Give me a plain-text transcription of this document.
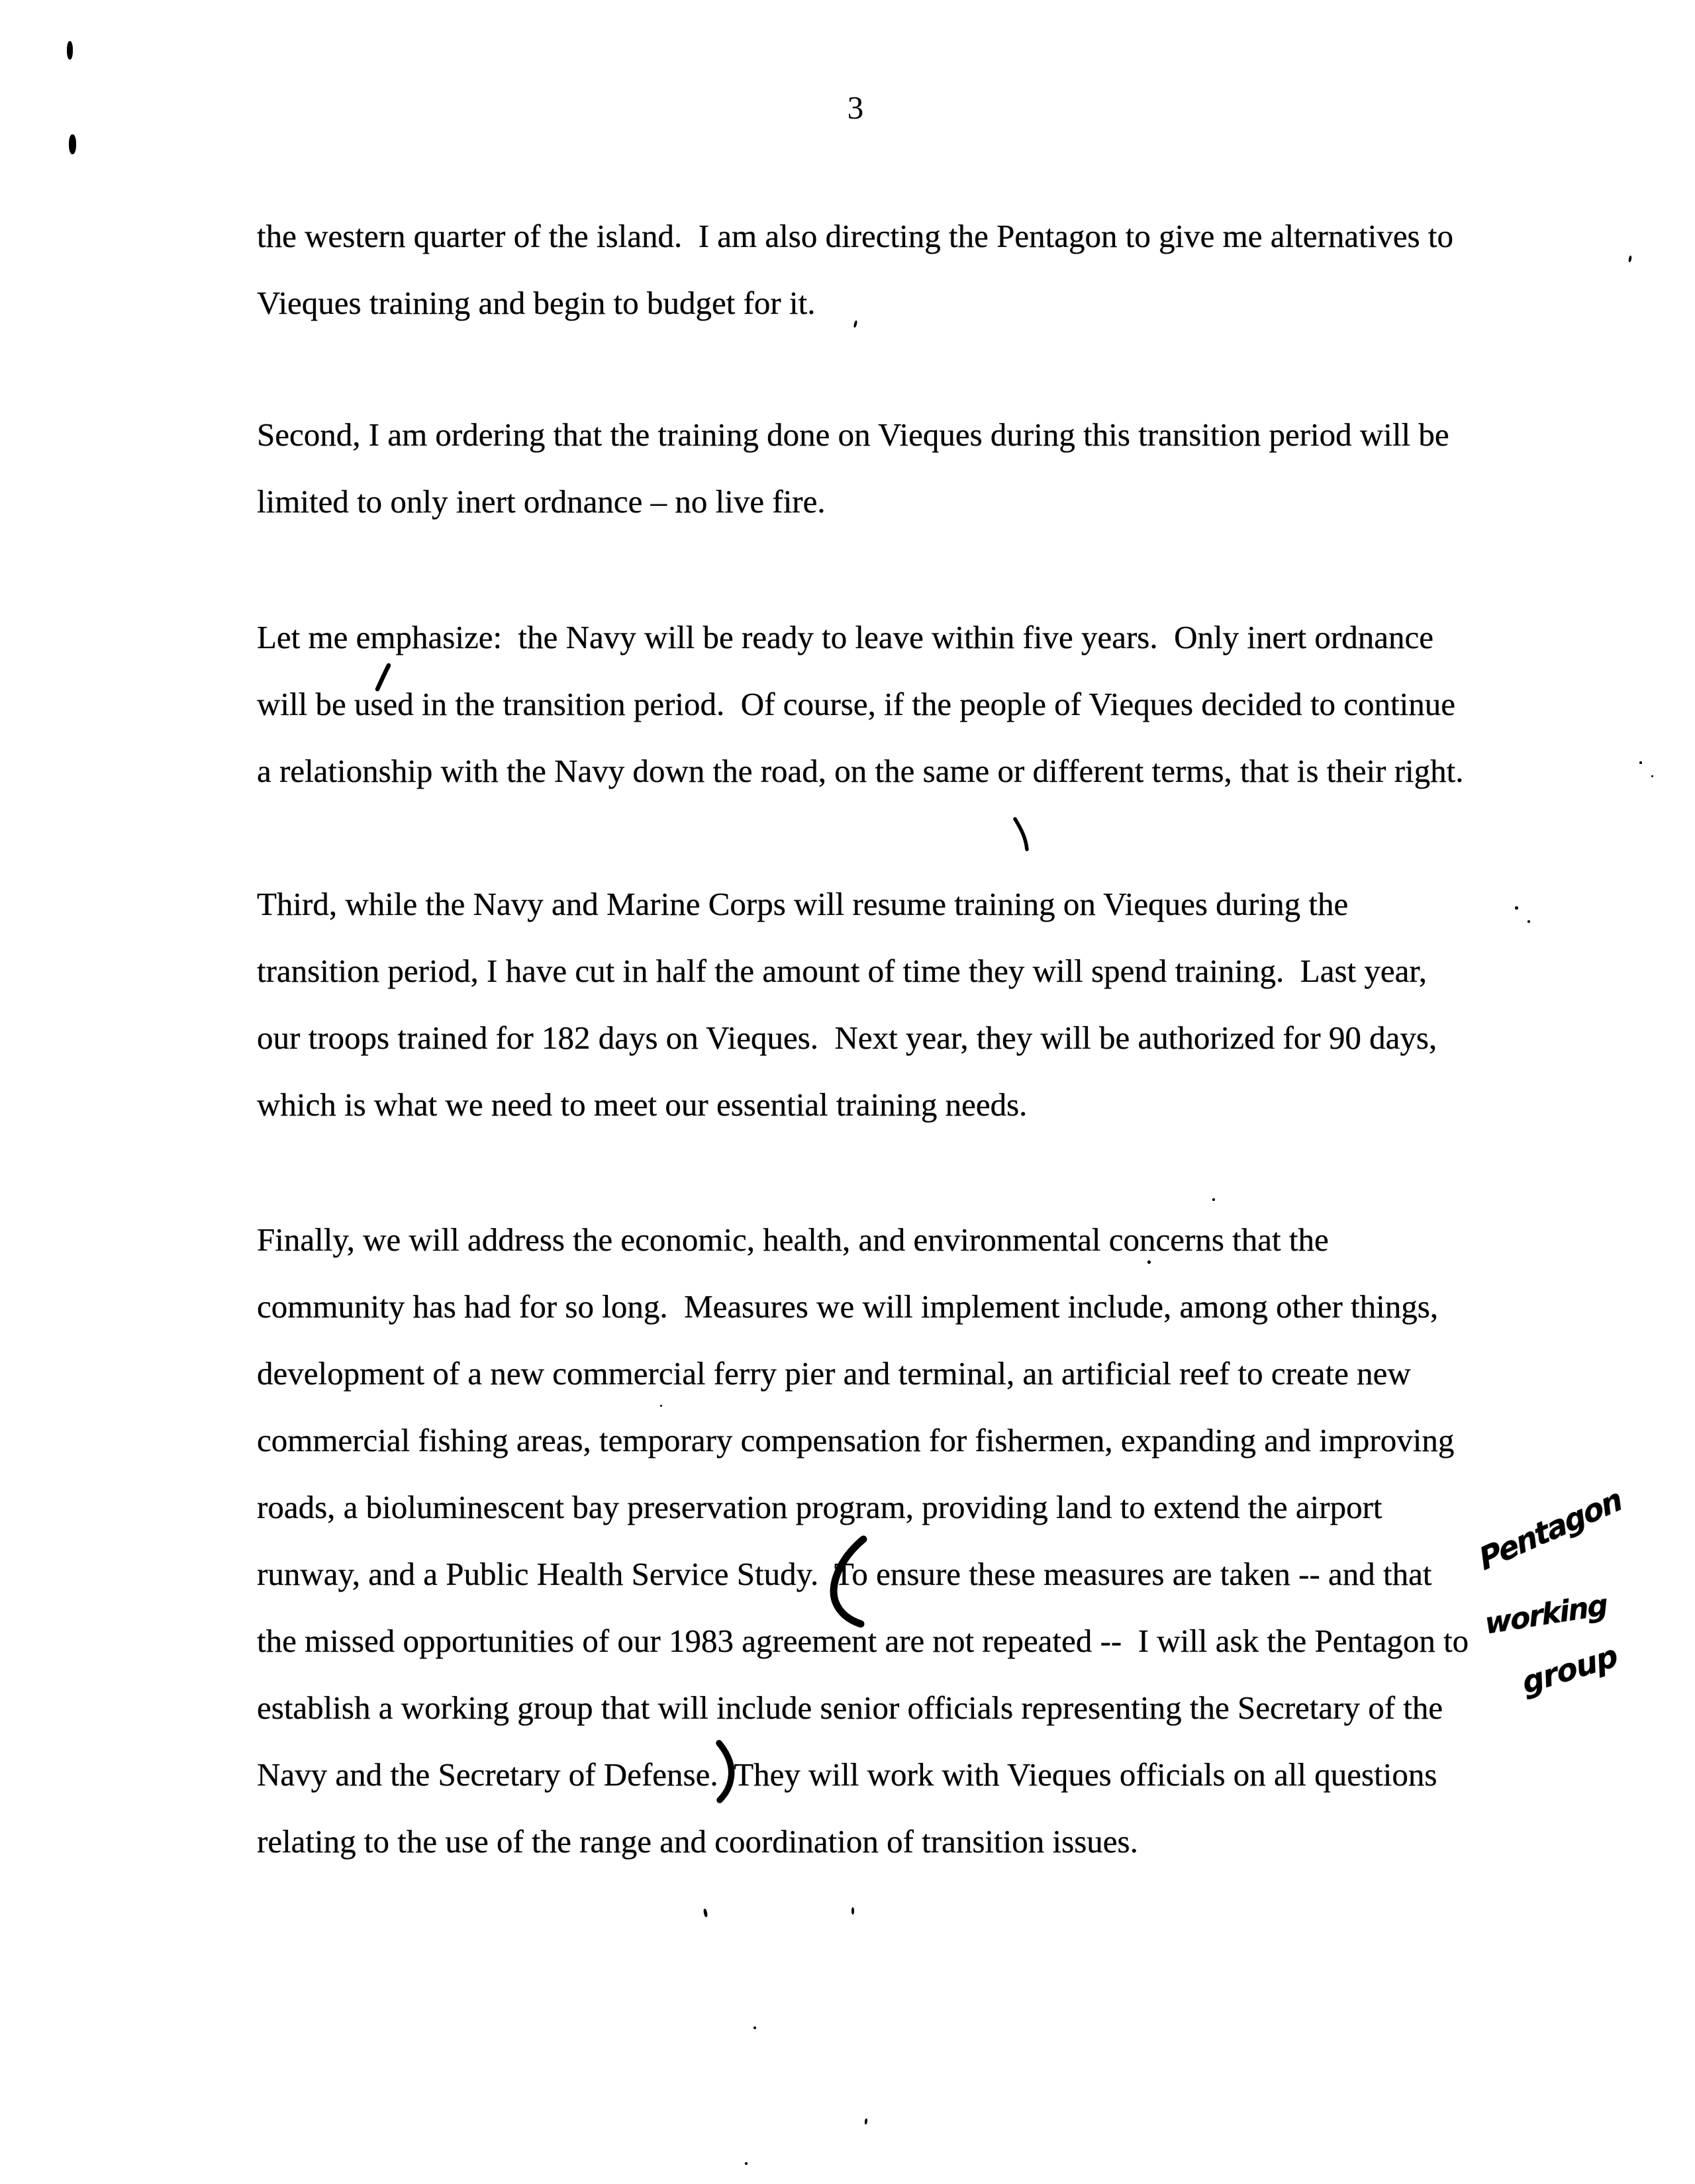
3
the western quarter of the island.  I am also directing the Pentagon to give me alternatives to
Vieques training and begin to budget for it.
Second, I am ordering that the training done on Vieques during this transition period will be
limited to only inert ordnance – no live fire.
Let me emphasize:  the Navy will be ready to leave within five years.  Only inert ordnance
will be used in the transition period.  Of course, if the people of Vieques decided to continue
a relationship with the Navy down the road, on the same or different terms, that is their right.
Third, while the Navy and Marine Corps will resume training on Vieques during the
transition period, I have cut in half the amount of time they will spend training.  Last year,
our troops trained for 182 days on Vieques.  Next year, they will be authorized for 90 days,
which is what we need to meet our essential training needs.
Finally, we will address the economic, health, and environmental concerns that the
community has had for so long.  Measures we will implement include, among other things,
development of a new commercial ferry pier and terminal, an artificial reef to create new
commercial fishing areas, temporary compensation for fishermen, expanding and improving
roads, a bioluminescent bay preservation program, providing land to extend the airport
runway, and a Public Health Service Study.  To ensure these measures are taken -- and that
the missed opportunities of our 1983 agreement are not repeated --  I will ask the Pentagon to
establish a working group that will include senior officials representing the Secretary of the
Navy and the Secretary of Defense.  They will work with Vieques officials on all questions
relating to the use of the range and coordination of transition issues.
Pentagon
working
group
